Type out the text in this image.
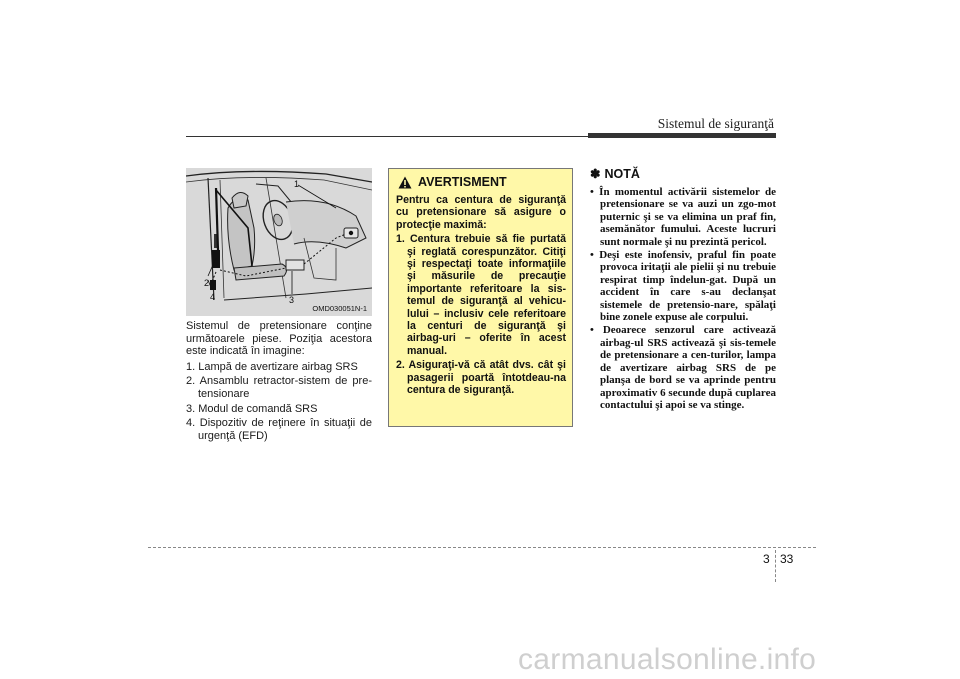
Sistemul de siguranţă
1
2
3
4
OMD030051N-1

Sistemul de pretensionare conţine următoarele piese. Poziţia acestora este indicată în imagine:

1. Lampă de avertizare airbag SRS
2. Ansamblu retractor-sistem de pre-tensionare
3. Modul de comandă SRS
4. Dispozitiv de reţinere în situaţii de urgenţă (EFD)
AVERTISMENT

Pentru ca centura de siguranţă cu pretensionare să asigure o protecţie maximă:

1. Centura trebuie să fie purtată şi reglată corespunzător. Citiţi şi respectaţi toate informaţiile şi măsurile de precauţie importante referitoare la sis-temul de siguranţă al vehicu-lului – inclusiv cele referitoare la centuri de siguranţă şi airbag-uri – oferite în acest manual.
2. Asiguraţi-vă că atât dvs. cât şi pasagerii poartă întotdeau-na centura de siguranţă.
✽ NOTĂ
• În momentul activării sistemelor de pretensionare se va auzi un zgo-mot puternic şi se va elimina un praf fin, asemănător fumului. Aceste lucruri sunt normale şi nu prezintă pericol.
• Deşi este inofensiv, praful fin poate provoca iritaţii ale pielii şi nu trebuie respirat timp îndelun-gat. După un accident în care s-au declanşat sistemele de pretensio-nare, spălaţi bine zonele expuse ale corpului.
• Deoarece senzorul care activează airbag-ul SRS activează şi sis-temele de pretensionare a cen-turilor, lampa de avertizare airbag SRS de pe planşa de bord se va aprinde pentru aproximativ 6 secunde după cuplarea contactului şi apoi se va stinge.
3 33
carmanualsonline.info
